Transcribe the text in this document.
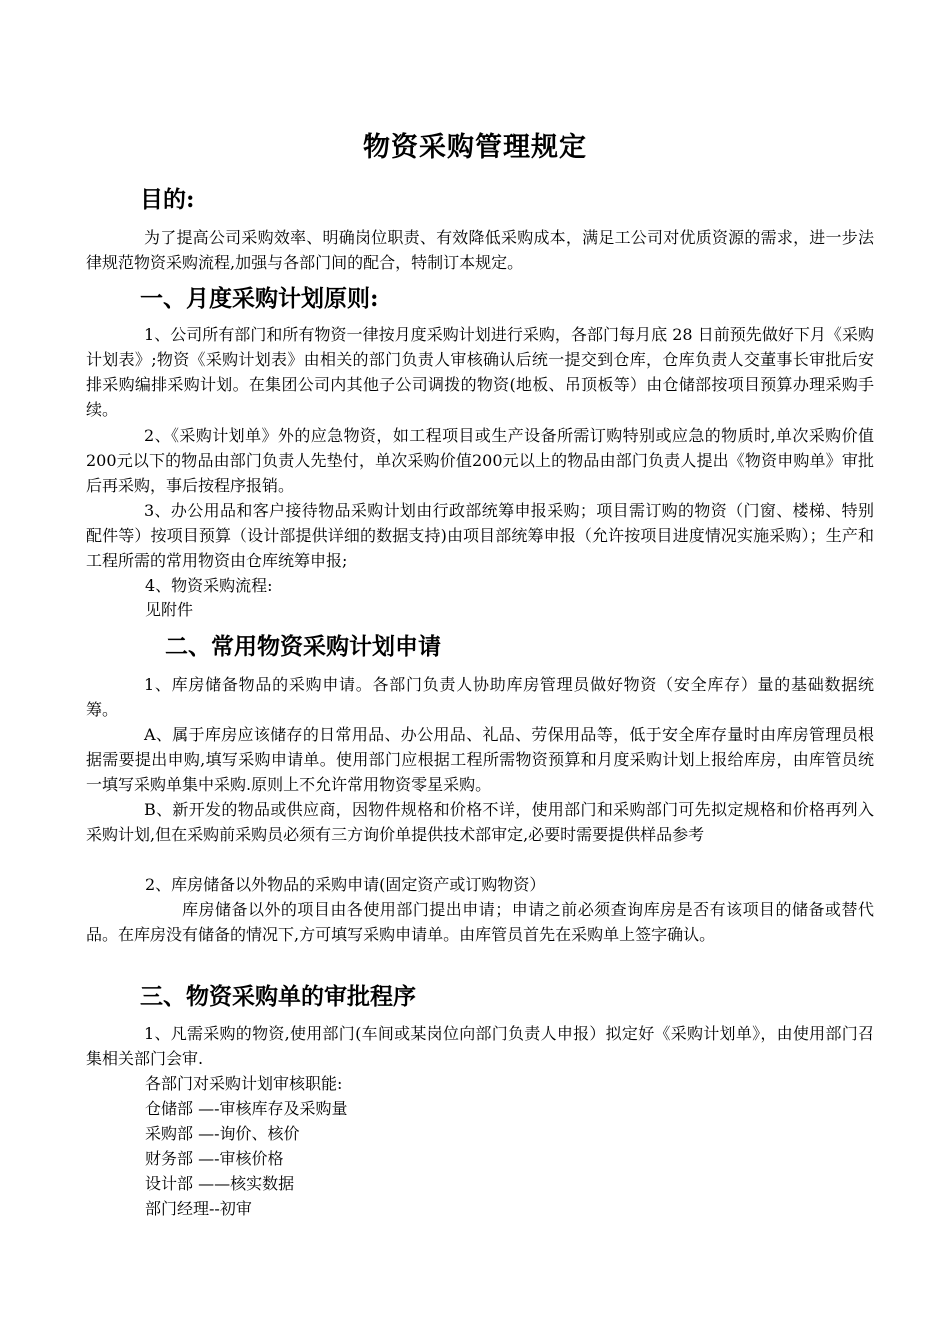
物资采购管理规定
目的:
为了提高公司采购效率、明确岗位职责、有效降低采购成本，满足工公司对优质资源的需求，进一步法律规范物资采购流程,加强与各部门间的配合，特制订本规定。
一、月度采购计划原则:
1、公司所有部门和所有物资一律按月度采购计划进行采购，各部门每月底 28 日前预先做好下月《采购计划表》;物资《采购计划表》由相关的部门负责人审核确认后统一提交到仓库，仓库负责人交董事长审批后安排采购编排采购计划。在集团公司内其他子公司调拨的物资(地板、吊顶板等）由仓储部按项目预算办理采购手续。
2、《采购计划单》外的应急物资，如工程项目或生产设备所需订购特别或应急的物质时,单次采购价值200元以下的物品由部门负责人先垫付，单次采购价值200元以上的物品由部门负责人提出《物资申购单》审批后再采购，事后按程序报销。
3、办公用品和客户接待物品采购计划由行政部统筹申报采购；项目需订购的物资（门窗、楼梯、特别配件等）按项目预算（设计部提供详细的数据支持)由项目部统筹申报（允许按项目进度情况实施采购）；生产和工程所需的常用物资由仓库统筹申报;
4、物资采购流程:
见附件
二、常用物资采购计划申请
1、库房储备物品的采购申请。各部门负责人协助库房管理员做好物资（安全库存）量的基础数据统筹。
A、属于库房应该储存的日常用品、办公用品、礼品、劳保用品等，低于安全库存量时由库房管理员根据需要提出申购,填写采购申请单。使用部门应根据工程所需物资预算和月度采购计划上报给库房，由库管员统一填写采购单集中采购.原则上不允许常用物资零星采购。
B、新开发的物品或供应商，因物件规格和价格不详，使用部门和采购部门可先拟定规格和价格再列入采购计划,但在采购前采购员必须有三方询价单提供技术部审定,必要时需要提供样品参考
2、库房储备以外物品的采购申请(固定资产或订购物资）
库房储备以外的项目由各使用部门提出申请；申请之前必须查询库房是否有该项目的储备或替代品。在库房没有储备的情况下,方可填写采购申请单。由库管员首先在采购单上签字确认。
三、物资采购单的审批程序
1、凡需采购的物资,使用部门(车间或某岗位向部门负责人申报）拟定好《采购计划单》，由使用部门召集相关部门会审.
各部门对采购计划审核职能:
仓储部 —-审核库存及采购量
采购部 —-询价、核价
财务部 —-审核价格
设计部 ——核实数据
部门经理--初审
